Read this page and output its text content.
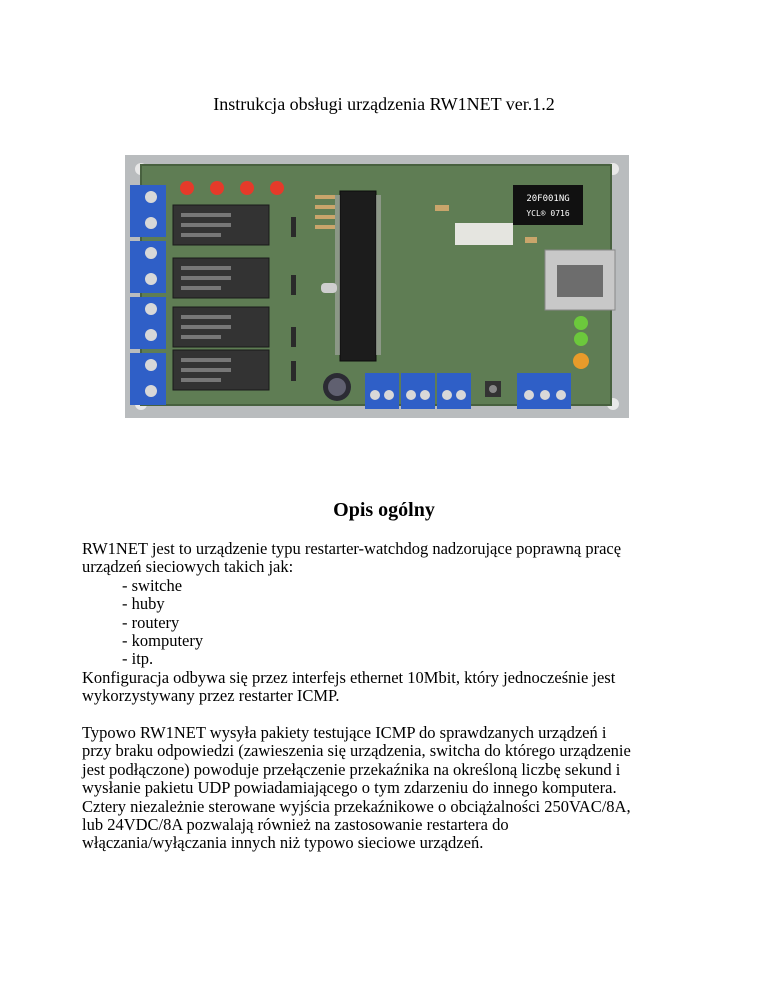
Instrukcja obsługi urządzenia RW1NET ver.1.2
20F001NG
YCL® 0716
Opis ogólny
RW1NET jest to urządzenie typu restarter-watchdog nadzorujące poprawną pracę
urządzeń sieciowych takich jak:
- switche
- huby
- routery
- komputery
- itp.
Konfiguracja odbywa się przez interfejs ethernet 10Mbit, który jednocześnie jest
wykorzystywany przez restarter ICMP.
Typowo RW1NET wysyła pakiety testujące ICMP do sprawdzanych urządzeń i
przy braku odpowiedzi (zawieszenia się urządzenia, switcha do którego urządzenie
jest podłączone) powoduje przełączenie przekaźnika na określoną liczbę sekund i
wysłanie pakietu UDP powiadamiającego o tym zdarzeniu do innego komputera.
Cztery niezależnie sterowane wyjścia przekaźnikowe o obciążalności 250VAC/8A,
lub 24VDC/8A pozwalają również na zastosowanie restartera do
włączania/wyłączania innych niż typowo sieciowe urządzeń.
